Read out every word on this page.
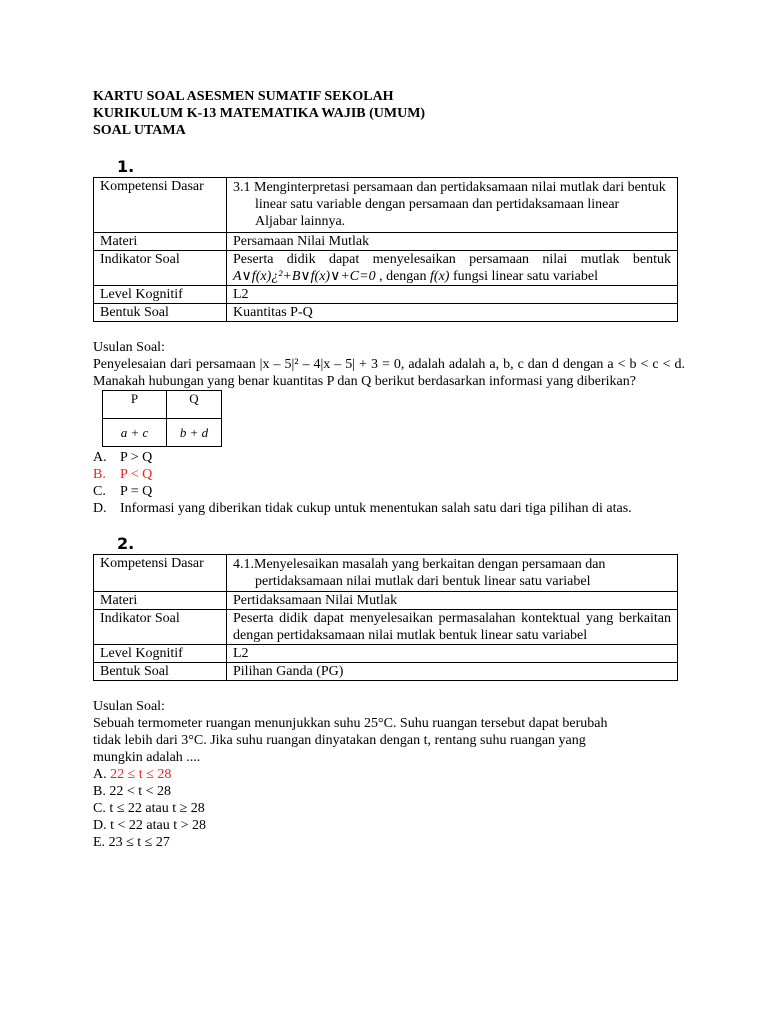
KARTU SOAL ASESMEN SUMATIF SEKOLAH
KURIKULUM K-13 MATEMATIKA WAJIB (UMUM)
SOAL UTAMA
1.
Kompetensi Dasar	3.1 Menginterpretasi persamaan dan pertidaksamaan nilai mutlak dari bentuk
linear satu variable dengan persamaan dan pertidaksamaan linear
Aljabar lainnya.

Materi	Persamaan Nilai Mutlak
Indikator Soal	Peserta didik dapat menyelesaikan persamaan nilai mutlak bentuk
A∨f(x)¿²+B∨f(x)∨+C=0 , dengan f(x) fungsi linear satu variabel

Level Kognitif	L2
Bentuk Soal	Kuantitas P-Q
Usulan Soal:
Penyelesaian dari persamaan |x – 5|² – 4|x – 5| + 3 = 0, adalah adalah a, b, c dan d dengan a < b < c < d. Manakah hubungan yang benar kuantitas P dan Q berikut berdasarkan informasi yang diberikan?
P	Q
a + c	b + d
A. P > Q
B.	P < Q
C.	P = Q
D. Informasi yang diberikan tidak cukup untuk menentukan salah satu dari tiga pilihan di atas.
2.
Kompetensi Dasar	4.1.Menyelesaikan masalah yang berkaitan dengan persamaan dan
pertidaksamaan nilai mutlak dari bentuk linear satu variabel

Materi	Pertidaksamaan Nilai Mutlak
Indikator Soal	Peserta didik dapat menyelesaikan permasalahan kontektual yang berkaitan dengan pertidaksamaan nilai mutlak bentuk linear satu variabel
Level Kognitif	L2
Bentuk Soal	Pilihan Ganda (PG)
Usulan Soal:
Sebuah termometer ruangan menunjukkan suhu 25°C. Suhu ruangan tersebut dapat berubah
tidak lebih dari 3°C. Jika suhu ruangan dinyatakan dengan t, rentang suhu ruangan yang
mungkin adalah ....
A. 22 ≤ t ≤ 28
B. 22 < t < 28
C. t ≤ 22 atau t ≥ 28
D. t < 22 atau t > 28
E. 23 ≤ t ≤ 27
